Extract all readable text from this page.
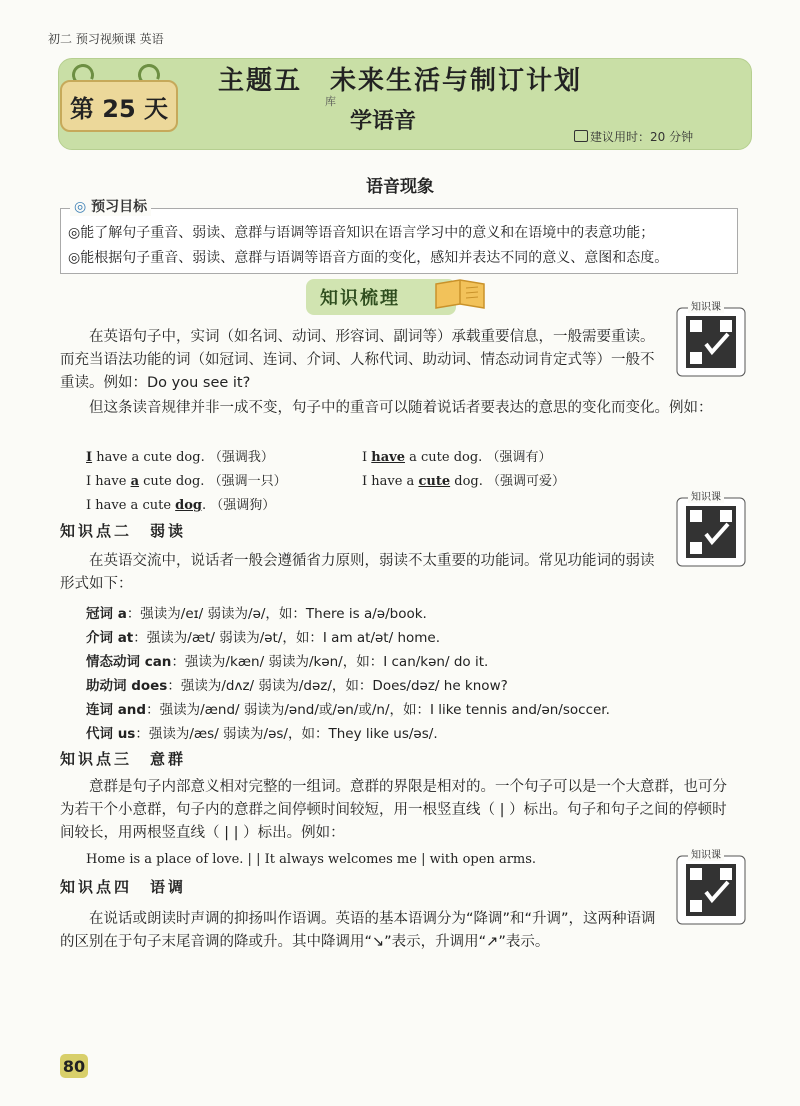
初二 预习视频课 英语
第 25 天
主题五　未来生活与制订计划
库
学语音
建议用时：20 分钟
语音现象
◎ 预习目标
◎能了解句子重音、弱读、意群与语调等语音知识在语言学习中的意义和在语境中的表意功能；
◎能根据句子重音、弱读、意群与语调等语音方面的变化，感知并表达不同的意义、意图和态度。
知识梳理	知识课
知识课
知识课
在英语句子中，实词（如名词、动词、形容词、副词等）承载重要信息，一般需要重读。而充当语法功能的词（如冠词、连词、介词、人称代词、助动词、情态动词肯定式等）一般不重读。例如：Do you see it?
但这条读音规律并非一成不变，句子中的重音可以随着说话者要表达的意思的变化而变化。例如：
I have a cute dog. （强调我）	I have a cute dog. （强调有）
I have a cute dog. （强调一只）	I have a cute dog. （强调可爱）
I have a cute dog. （强调狗）
知识点二　弱读
在英语交流中，说话者一般会遵循省力原则，弱读不太重要的功能词。常见功能词的弱读形式如下：
冠词 a：强读为/eɪ/ 弱读为/ə/，如：There is a/ə/book.
介词 at：强读为/æt/ 弱读为/ət/，如：I am at/ət/ home.
情态动词 can：强读为/kæn/ 弱读为/kən/，如：I can/kən/ do it.
助动词 does：强读为/dʌz/ 弱读为/dəz/，如：Does/dəz/ he know?
连词 and：强读为/ænd/ 弱读为/ənd/或/ən/或/n/，如：I like tennis and/ən/soccer.
代词 us：强读为/æs/ 弱读为/əs/，如：They like us/əs/.
知识点三　意群
意群是句子内部意义相对完整的一组词。意群的界限是相对的。一个句子可以是一个大意群，也可分为若干个小意群，句子内的意群之间停顿时间较短，用一根竖直线（ | ）标出。句子和句子之间的停顿时间较长，用两根竖直线（ | | ）标出。例如：
Home is a place of love. | | It always welcomes me | with open arms.
知识点四　语调
在说话或朗读时声调的抑扬叫作语调。英语的基本语调分为“降调”和“升调”，这两种语调的区别在于句子末尾音调的降或升。其中降调用“↘”表示，升调用“↗”表示。
80
